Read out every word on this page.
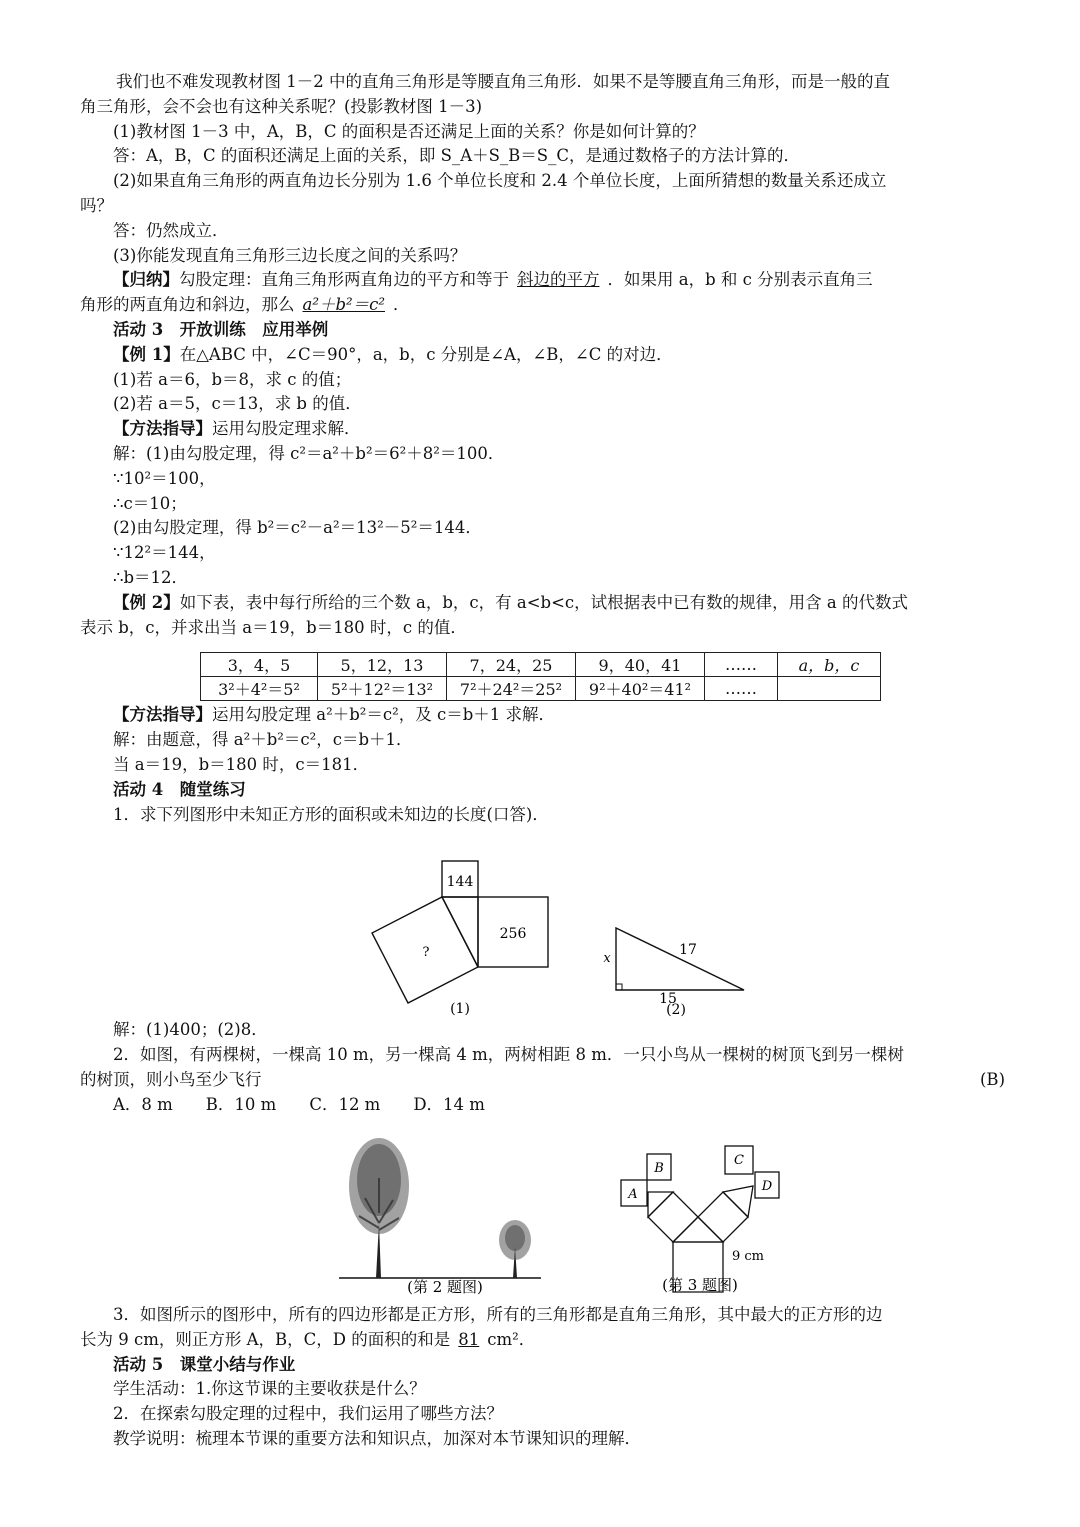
我们也不难发现教材图 1－2 中的直角三角形是等腰直角三角形．如果不是等腰直角三角形，而是一般的直
角三角形，会不会也有这种关系呢？(投影教材图 1－3)
(1)教材图 1－3 中，A，B，C 的面积是否还满足上面的关系？你是如何计算的？
答：A，B，C 的面积还满足上面的关系，即 S_A＋S_B＝S_C，是通过数格子的方法计算的．
(2)如果直角三角形的两直角边长分别为 1.6 个单位长度和 2.4 个单位长度，上面所猜想的数量关系还成立
吗？
答：仍然成立．
(3)你能发现直角三角形三边长度之间的关系吗？
【归纳】勾股定理：直角三角形两直角边的平方和等于 斜边的平方 ．如果用 a，b 和 c 分别表示直角三
角形的两直角边和斜边，那么 a²＋b²＝c² ．
活动 3　开放训练　应用举例
【例 1】在△ABC 中，∠C＝90°，a，b，c 分别是∠A，∠B，∠C 的对边．
(1)若 a＝6，b＝8，求 c 的值；
(2)若 a＝5，c＝13，求 b 的值．
【方法指导】运用勾股定理求解．
解：(1)由勾股定理，得 c²＝a²＋b²＝6²＋8²＝100．
∵10²＝100，
∴c＝10；
(2)由勾股定理，得 b²＝c²－a²＝13²－5²＝144．
∵12²＝144，
∴b＝12．
【例 2】如下表，表中每行所给的三个数 a，b，c，有 a<b<c，试根据表中已有数的规律，用含 a 的代数式
表示 b，c，并求出当 a＝19，b＝180 时，c 的值．
3，4，5	5，12，13	7，24，25	9，40，41	……	a，b，c
3²＋4²＝5²	5²＋12²＝13²	7²＋24²＝25²	9²＋40²＝41²	……	
【方法指导】运用勾股定理 a²＋b²＝c²，及 c＝b＋1 求解．
解：由题意，得 a²＋b²＝c²，c＝b＋1．
当 a＝19，b＝180 时，c＝181．
活动 4　随堂练习
1．求下列图形中未知正方形的面积或未知边的长度(口答)．
144
256
?
(1)
x
17
15
(2)
解：(1)400；(2)8．
2．如图，有两棵树，一棵高 10 m，另一棵高 4 m，两树相距 8 m．一只小鸟从一棵树的树顶飞到另一棵树
的树顶，则小鸟至少飞行	(B)
A．8 m　　B．10 m　　C．12 m　　D．14 m
(第 2 题图)
A
B
C
D
9 cm
(第 3 题图)
3．如图所示的图形中，所有的四边形都是正方形，所有的三角形都是直角三角形，其中最大的正方形的边
长为 9 cm，则正方形 A，B，C，D 的面积的和是 81 cm²．
活动 5　课堂小结与作业
学生活动：1.你这节课的主要收获是什么？
2．在探索勾股定理的过程中，我们运用了哪些方法？
教学说明：梳理本节课的重要方法和知识点，加深对本节课知识的理解．
